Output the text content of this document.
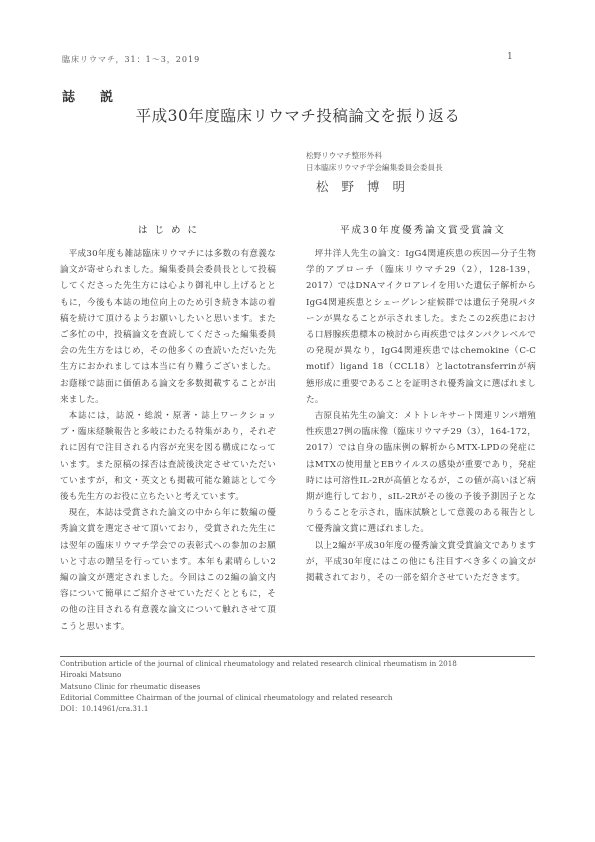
臨床リウマチ，31：1〜3，2019	1
誌　説
平成30年度臨床リウマチ投稿論文を振り返る
松野リウマチ整形外科
日本臨床リウマチ学会編集委員会委員長
松野博明
は じ め に

平成30年度も雑誌臨床リウマチには多数の有意義な論文が寄せられました。編集委員会委員長として投稿してくださった先生方には心より御礼申し上げるとともに，今後も本誌の地位向上のため引き続き本誌の着稿を続けて頂けるようお願いしたいと思います。またご多忙の中，投稿論文を査読してくださった編集委員会の先生方をはじめ，その他多くの査読いただいた先生方におかれましては本当に有り難うございました。お蔭様で誌面に価値ある論文を多数掲載することが出来ました。

本誌には，誌説・総説・原著・誌上ワークショップ・臨床経験報告と多岐にわたる特集があり，それぞれに因有で注目される内容が充実を図る構成になっています。また原稿の採否は査読後決定させていただいていますが，和文・英文とも掲載可能な雑誌として今後も先生方のお役に立ちたいと考えています。

現在，本誌は受賞された論文の中から年に数編の優秀論文賞を選定させて頂いており，受賞された先生には翌年の臨床リウマチ学会での表彰式への参加のお願いと寸志の贈呈を行っています。本年も素晴らしい2編の論文が選定されました。今回はこの2編の論文内容について簡単にご紹介させていただくとともに，その他の注目される有意義な論文について触れさせて頂こうと思います。

平成30年度優秀論文賞受賞論文

坪井洋人先生の論文：IgG4関連疾患の疾因—分子生物学的アプローチ（臨床リウマチ29（2），128-139，2017）ではDNAマイクロアレイを用いた遺伝子解析からIgG4関連疾患とシェーグレン症候群では遺伝子発現パターンが異なることが示されました。またこの2疾患における口唇腺疾患標本の検討から両疾患ではタンパクレベルでの発現が異なり，IgG4関連疾患ではchemokine（C-C motif）ligand 18（CCL18）とlactotransferrinが病態形成に重要であることを証明され優秀論文に選ばれました。

吉原良祐先生の論文：メトトレキサート関連リンパ増殖性疾患27例の臨床像（臨床リウマチ29（3），164-172，2017）では自身の臨床例の解析からMTX-LPDの発症にはMTXの使用量とEBウイルスの感染が重要であり，発症時には可溶性IL-2Rが高値となるが，この値が高いほど病期が進行しており，sIL-2Rがその後の予後予測因子となりうることを示され，臨床試験として意義のある報告として優秀論文賞に選ばれました。

以上2編が平成30年度の優秀論文賞受賞論文でありますが，平成30年度にはこの他にも注目すべき多くの論文が掲載されており，その一部を紹介させていただきます。

Contribution article of the journal of clinical rheumatology and related research clinical rheumatism in 2018
Hiroaki Matsuno
Matsuno Clinic for rheumatic diseases
Editorial Committee Chairman of the journal of clinical rheumatology and related research
DOI：10.14961/cra.31.1
